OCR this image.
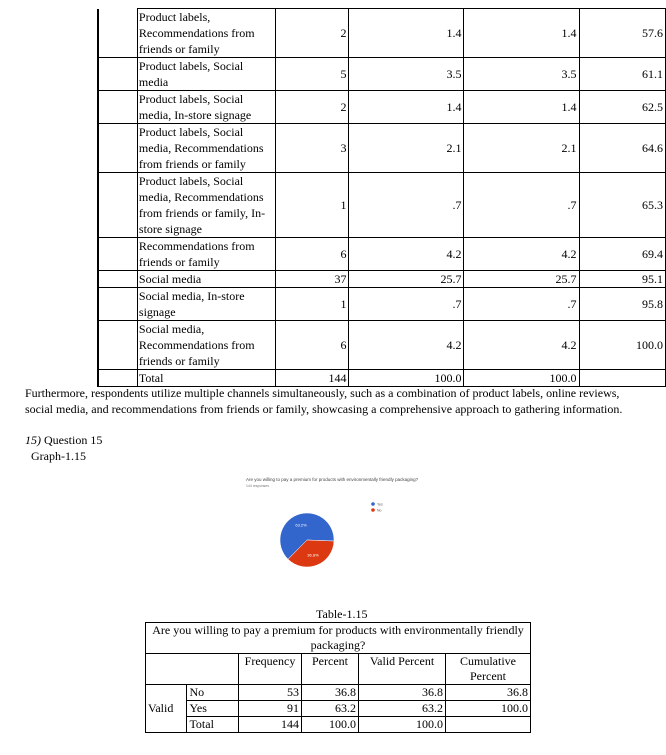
	Product labels, Recommendations from friends or family	2	1.4	1.4	57.6
	Product labels, Social media	5	3.5	3.5	61.1
	Product labels, Social media, In-store signage	2	1.4	1.4	62.5
	Product labels, Social media, Recommendations from friends or family	3	2.1	2.1	64.6
	Product labels, Social media, Recommendations from friends or family, In-store signage	1	.7	.7	65.3
	Recommendations from friends or family	6	4.2	4.2	69.4
	Social media	37	25.7	25.7	95.1
	Social media, In-store signage	1	.7	.7	95.8
	Social media, Recommendations from friends or family	6	4.2	4.2	100.0
	Total	144	100.0	100.0	
Furthermore, respondents utilize multiple channels simultaneously, such as a combination of product labels, online reviews, social media, and recommendations from friends or family, showcasing a comprehensive approach to gathering information.
15) Question 15
Graph-1.15
Are you willing to pay a premium for products with environmentally friendly packaging?
144 responses
63.2%
36.8%
Yes
No
Table-1.15
Are you willing to pay a premium for products with environmentally friendly packaging?					
		Frequency	Percent	Valid Percent	Cumulative Percent
Valid	No	53	36.8	36.8	36.8
	Yes	91	63.2	63.2	100.0
	Total	144	100.0	100.0	
